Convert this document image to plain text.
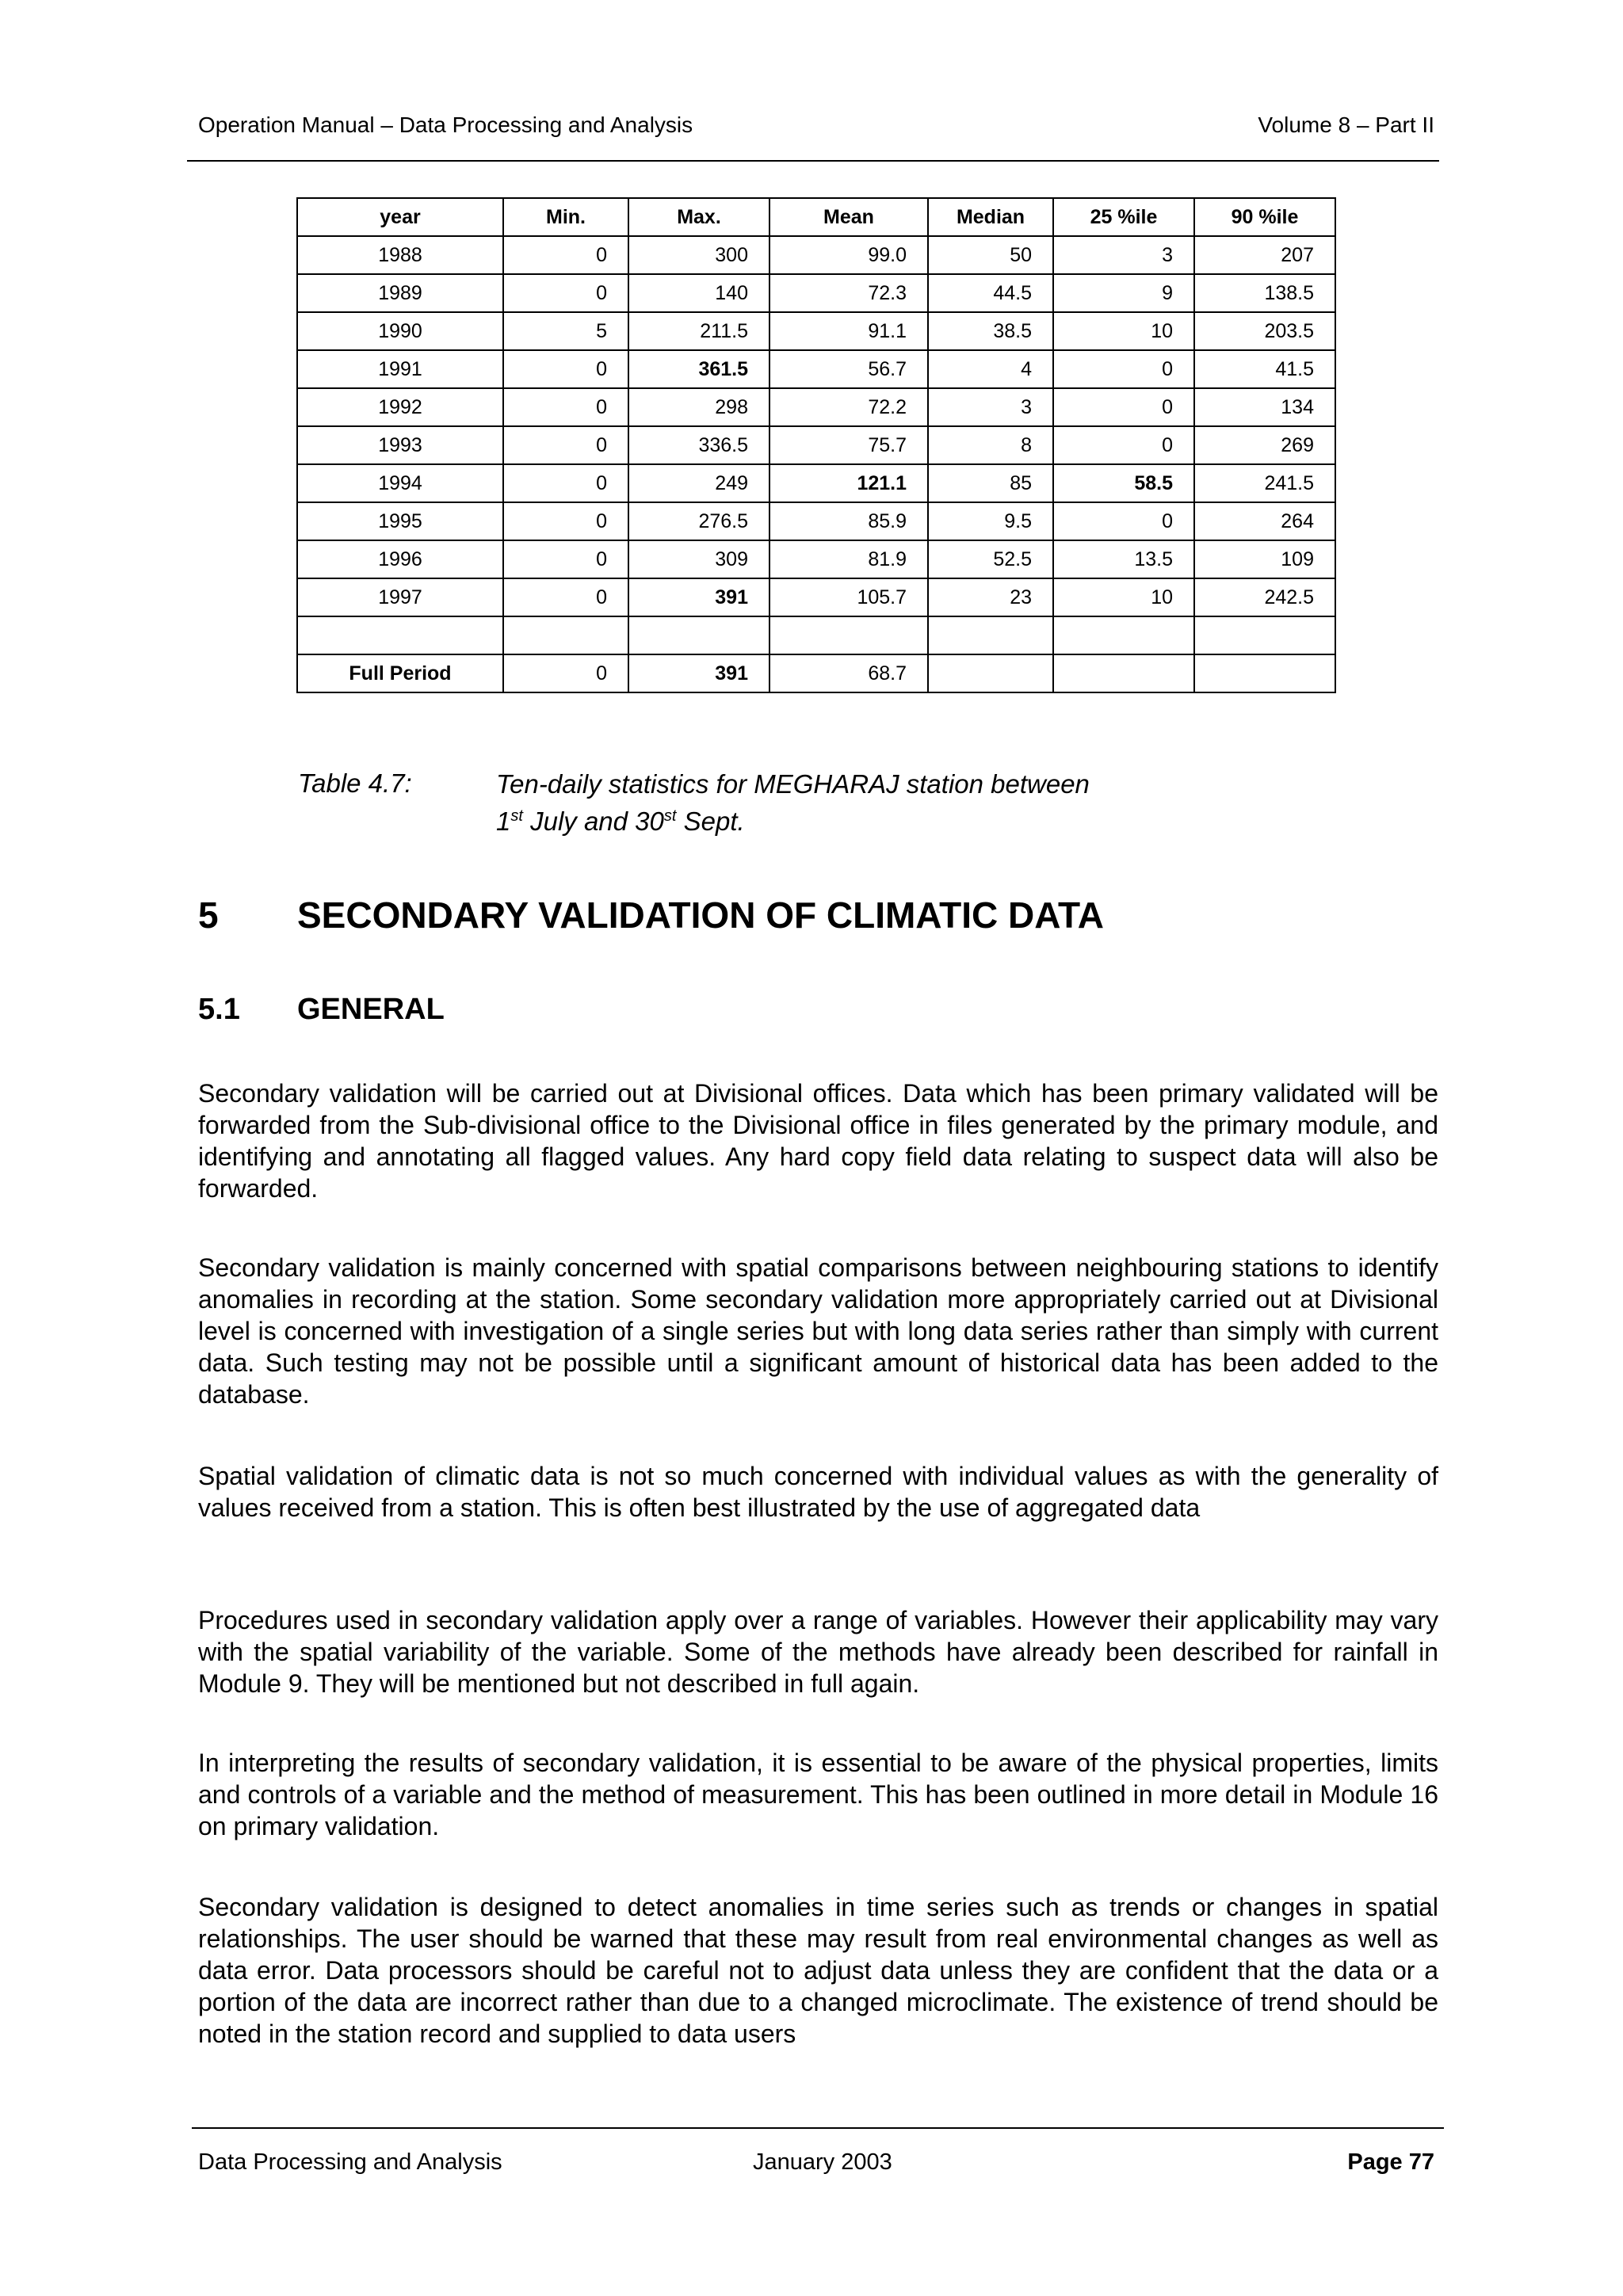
Operation Manual – Data Processing and Analysis	Volume 8 – Part II
year	Min.	Max.	Mean	Median	25 %ile	90 %ile
1988	0	300	99.0	50	3	207
1989	0	140	72.3	44.5	9	138.5
1990	5	211.5	91.1	38.5	10	203.5
1991	0	361.5	56.7	4	0	41.5
1992	0	298	72.2	3	0	134
1993	0	336.5	75.7	8	0	269
1994	0	249	121.1	85	58.5	241.5
1995	0	276.5	85.9	9.5	0	264
1996	0	309	81.9	52.5	13.5	109
1997	0	391	105.7	23	10	242.5

Full Period	0	391	68.7			
Table 4.7:	Ten-daily statistics for MEGHARAJ station between
1st July and 30st Sept.
5	SECONDARY VALIDATION OF CLIMATIC DATA
5.1	GENERAL

Secondary validation will be carried out at Divisional offices. Data which has been primary validated will be forwarded from the Sub-divisional office to the Divisional office in files generated by the primary module, and identifying and annotating all flagged values. Any hard copy field data relating to suspect data will also be forwarded.

Secondary validation is mainly concerned with spatial comparisons between neighbouring stations to identify anomalies in recording at the station. Some secondary validation more appropriately carried out at Divisional level is concerned with investigation of a single series but with long data series rather than simply with current data. Such testing may not be possible until a significant amount of historical data has been added to the database.

Spatial validation of climatic data is not so much concerned with individual values as with the generality of values received from a station. This is often best illustrated by the use of aggregated data

Procedures used in secondary validation apply over a range of variables. However their applicability may vary with the spatial variability of the variable. Some of the methods have already been described for rainfall in Module 9. They will be mentioned but not described in full again.

In interpreting the results of secondary validation, it is essential to be aware of the physical properties, limits and controls of a variable and the method of measurement. This has been outlined in more detail in Module 16 on primary validation.

Secondary validation is designed to detect anomalies in time series such as trends or changes in spatial relationships. The user should be warned that these may result from real environmental changes as well as data error. Data processors should be careful not to adjust data unless they are confident that the data or a portion of the data are incorrect rather than due to a changed microclimate. The existence of trend should be noted in the station record and supplied to data users

Data Processing and Analysis	January 2003	Page 77
